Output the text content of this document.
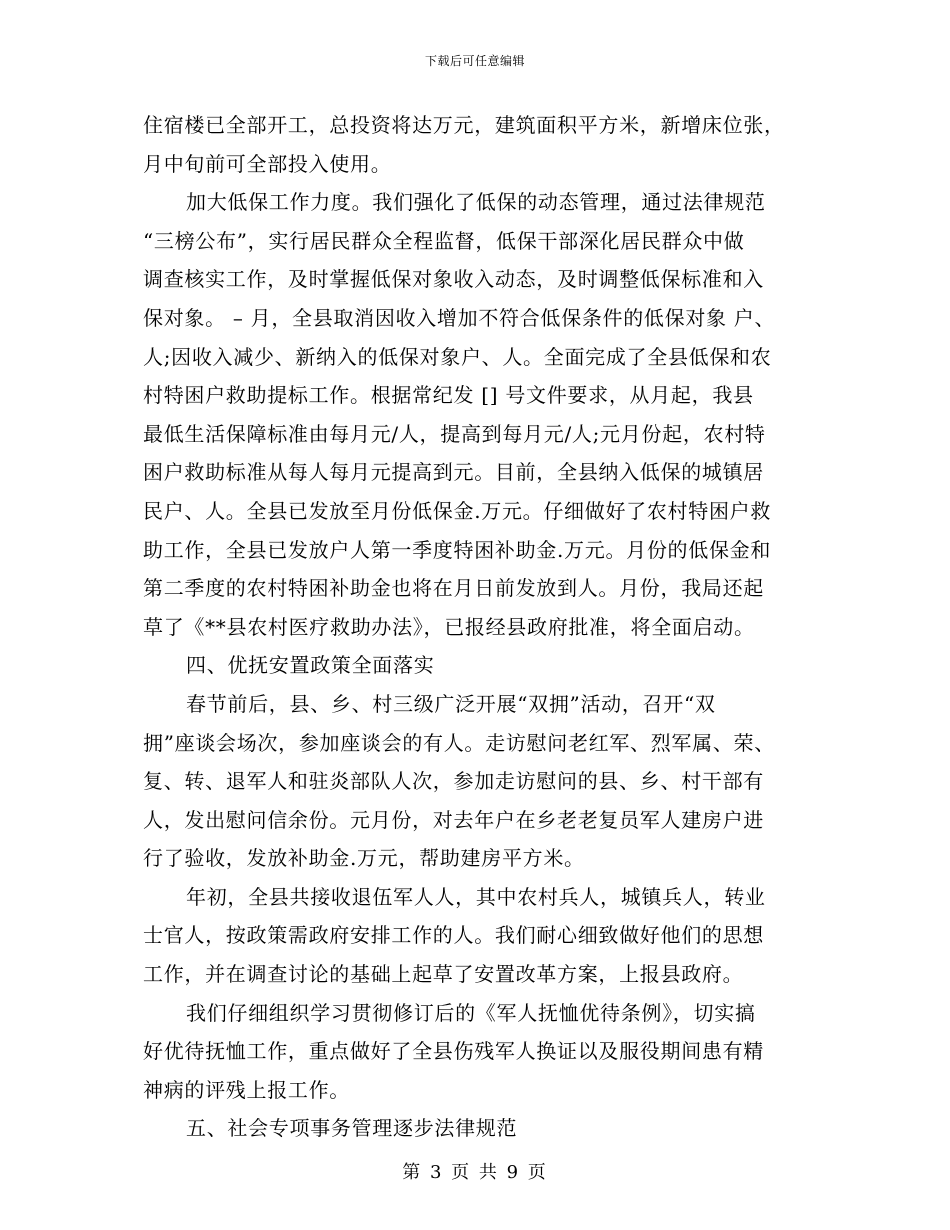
下载后可任意编辑
住宿楼已全部开工，总投资将达万元，建筑面积平方米，新增床位张，
月中旬前可全部投入使用。
加大低保工作力度。我们强化了低保的动态管理，通过法律规范
“三榜公布”，实行居民群众全程监督，低保干部深化居民群众中做
调查核实工作，及时掌握低保对象收入动态，及时调整低保标准和入
保对象。 – 月，全县取消因收入增加不符合低保条件的低保对象 户、
人;因收入减少、新纳入的低保对象户、人。全面完成了全县低保和农
村特困户救助提标工作。根据常纪发 [] 号文件要求，从月起，我县
最低生活保障标准由每月元/人，提高到每月元/人;元月份起，农村特
困户救助标准从每人每月元提高到元。目前，全县纳入低保的城镇居
民户、人。全县已发放至月份低保金.万元。仔细做好了农村特困户救
助工作，全县已发放户人第一季度特困补助金.万元。月份的低保金和
第二季度的农村特困补助金也将在月日前发放到人。月份，我局还起
草了《**县农村医疗救助办法》，已报经县政府批准，将全面启动。
四、优抚安置政策全面落实
春节前后，县、乡、村三级广泛开展“双拥”活动，召开“双
拥”座谈会场次，参加座谈会的有人。走访慰问老红军、烈军属、荣、
复、转、退军人和驻炎部队人次，参加走访慰问的县、乡、村干部有
人，发出慰问信余份。元月份，对去年户在乡老老复员军人建房户进
行了验收，发放补助金.万元，帮助建房平方米。
年初，全县共接收退伍军人人，其中农村兵人，城镇兵人，转业
士官人，按政策需政府安排工作的人。我们耐心细致做好他们的思想
工作，并在调查讨论的基础上起草了安置改革方案，上报县政府。
我们仔细组织学习贯彻修订后的《军人抚恤优待条例》，切实搞
好优待抚恤工作，重点做好了全县伤残军人换证以及服役期间患有精
神病的评残上报工作。
五、社会专项事务管理逐步法律规范
第 3 页 共 9 页
